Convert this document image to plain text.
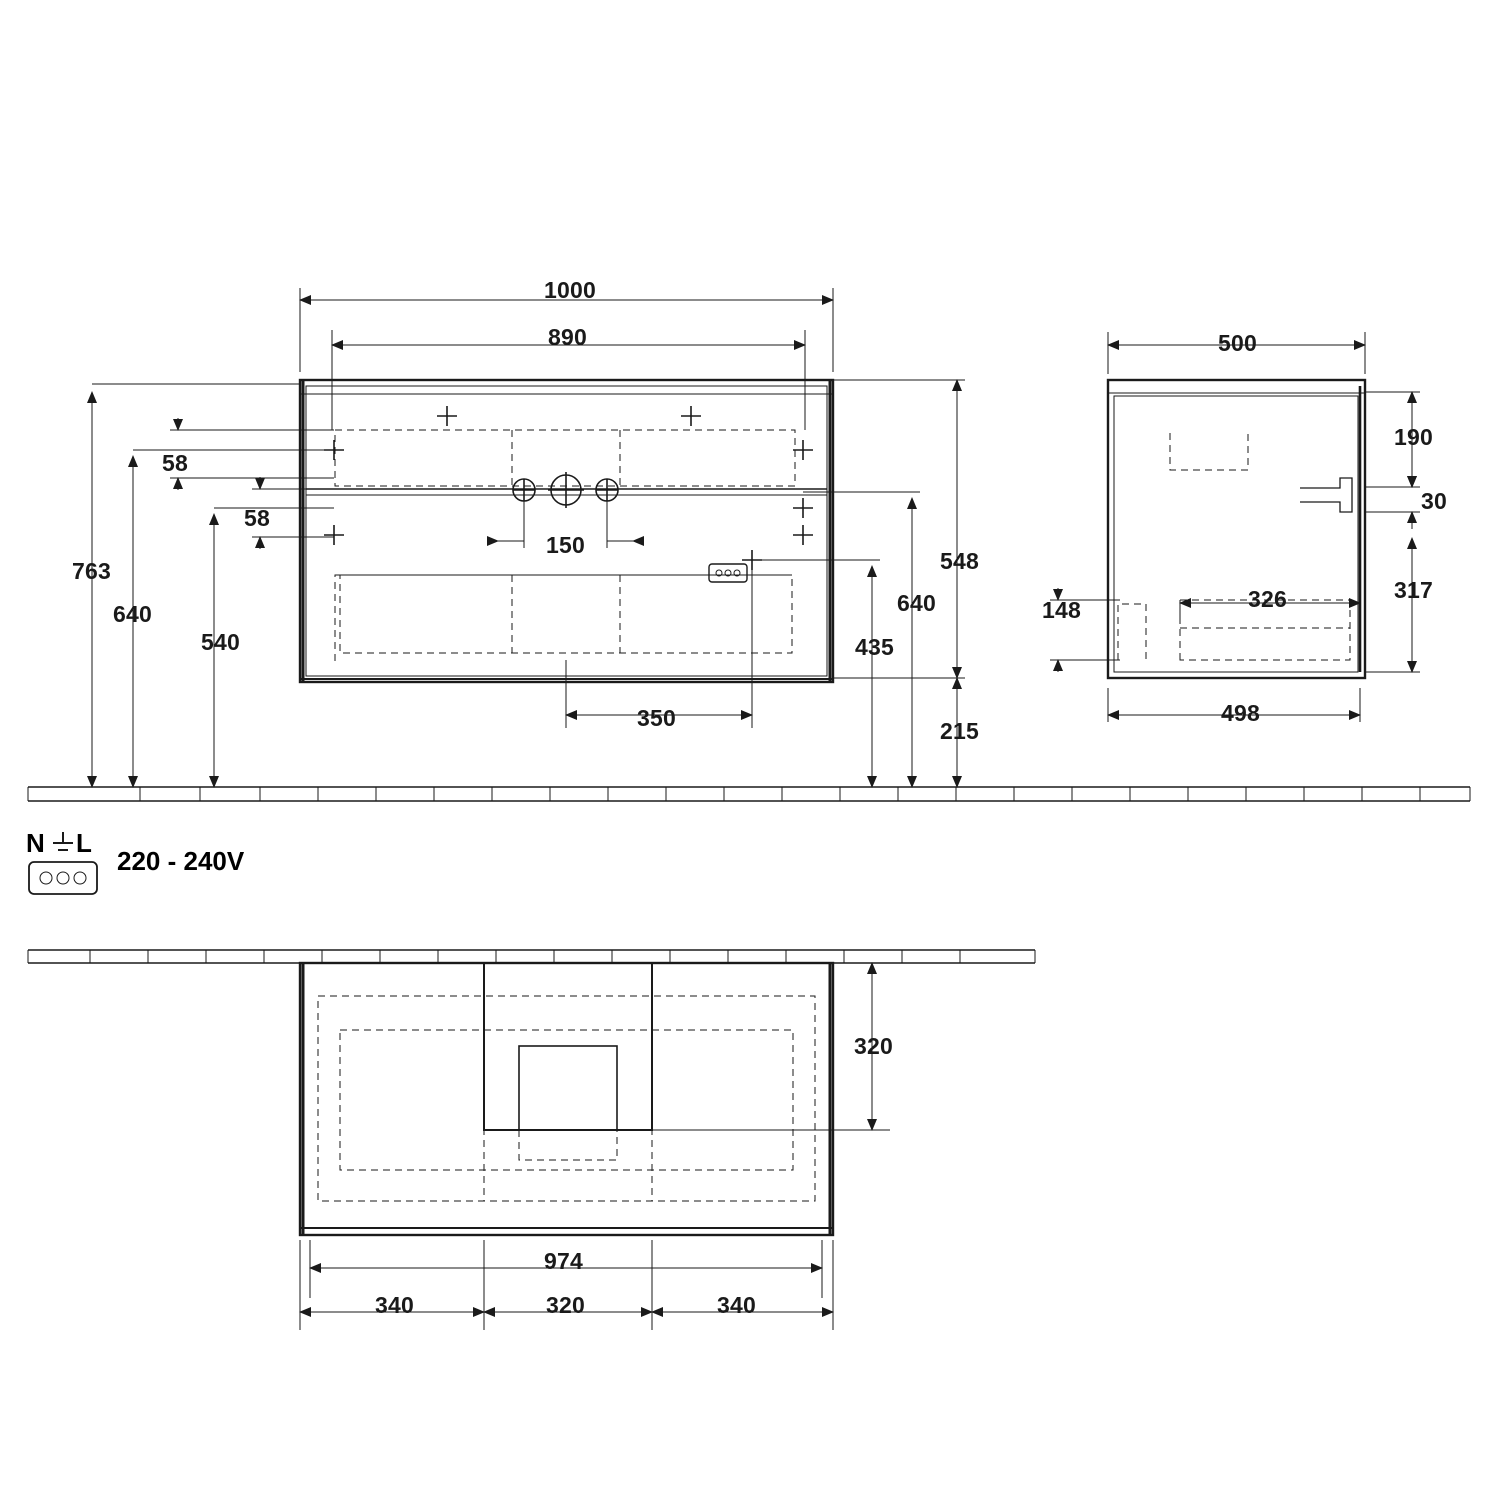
1000
890
763
640
540
58
58
150
350
548
640
435
215
500
190
30
317
326
148
498
320
974
340	320	340
N L
220 - 240V
